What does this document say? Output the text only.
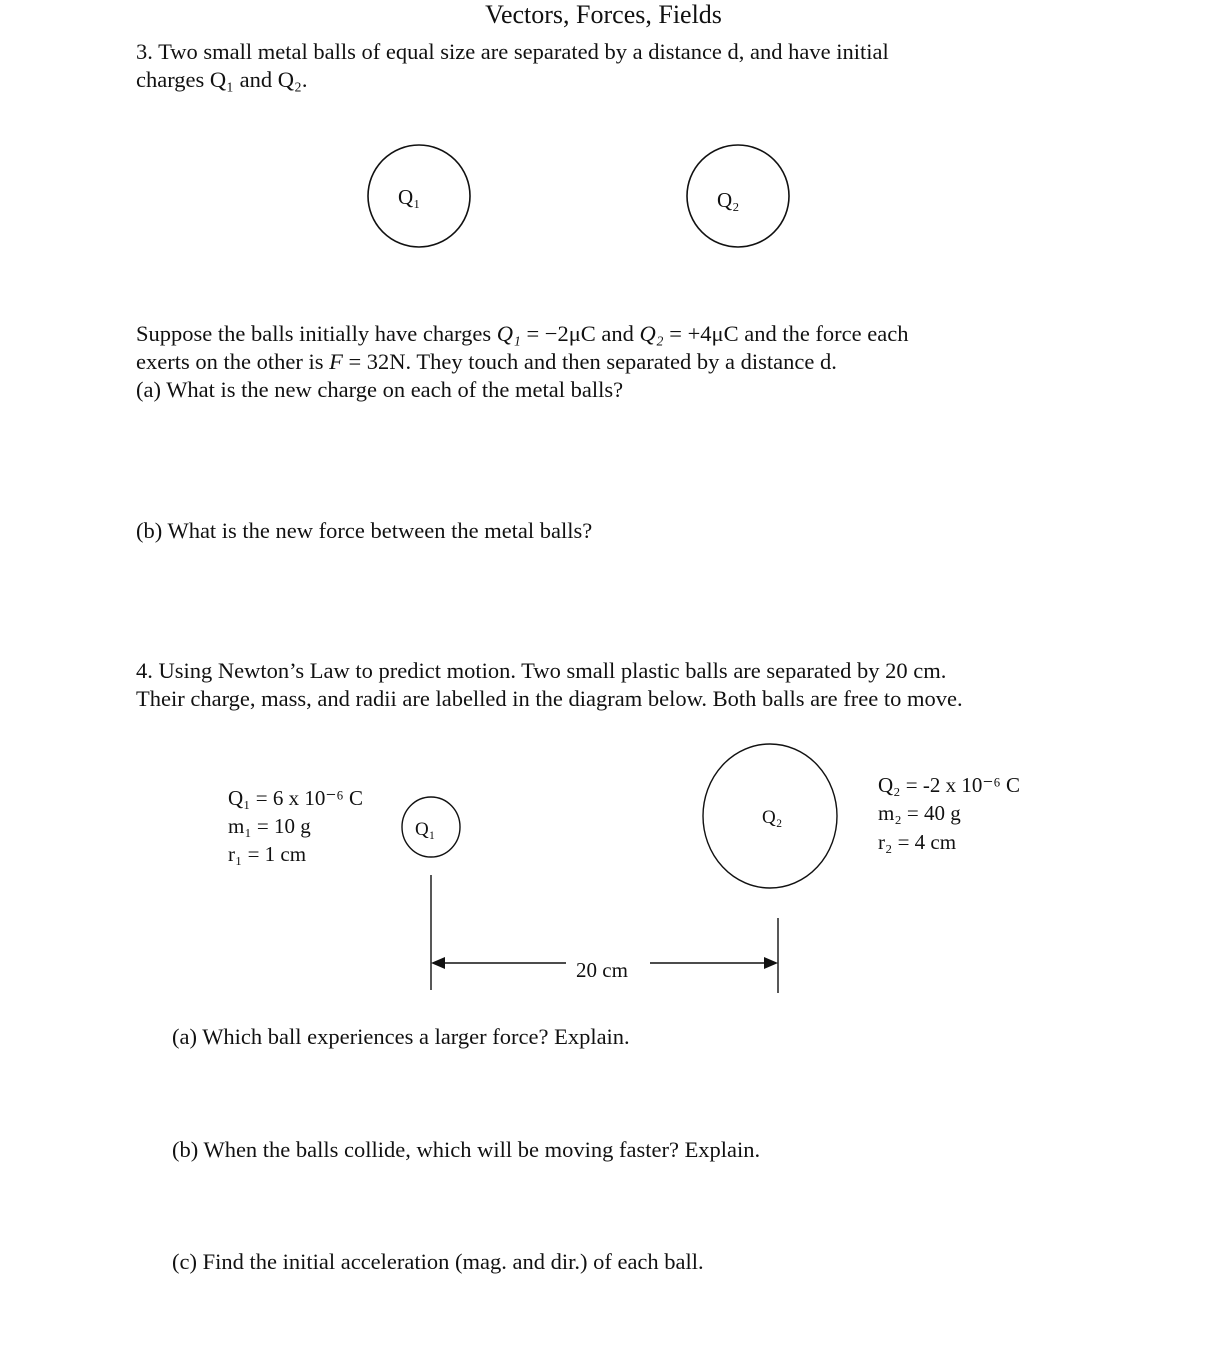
Vectors, Forces, Fields
3. Two small metal balls of equal size are separated by a distance d, and have initial
charges Q₁ and Q₂.
Q₁	Q₂
Suppose the balls initially have charges Q₁ = −2μC and Q₂ = +4μC and the force each
exerts on the other is F = 32N. They touch and then separated by a distance d.
(a) What is the new charge on each of the metal balls?
(b) What is the new force between the metal balls?
4. Using Newton’s Law to predict motion. Two small plastic balls are separated by 20 cm.
Their charge, mass, and radii are labelled in the diagram below. Both balls are free to move.
Q₁ = 6 x 10⁻⁶ C
m₁ = 10 g
r₁ = 1 cm
Q₁
Q₂
Q₂ = -2 x 10⁻⁶ C
m₂ = 40 g
r₂ = 4 cm
20 cm
(a) Which ball experiences a larger force? Explain.
(b) When the balls collide, which will be moving faster? Explain.
(c) Find the initial acceleration (mag. and dir.) of each ball.
